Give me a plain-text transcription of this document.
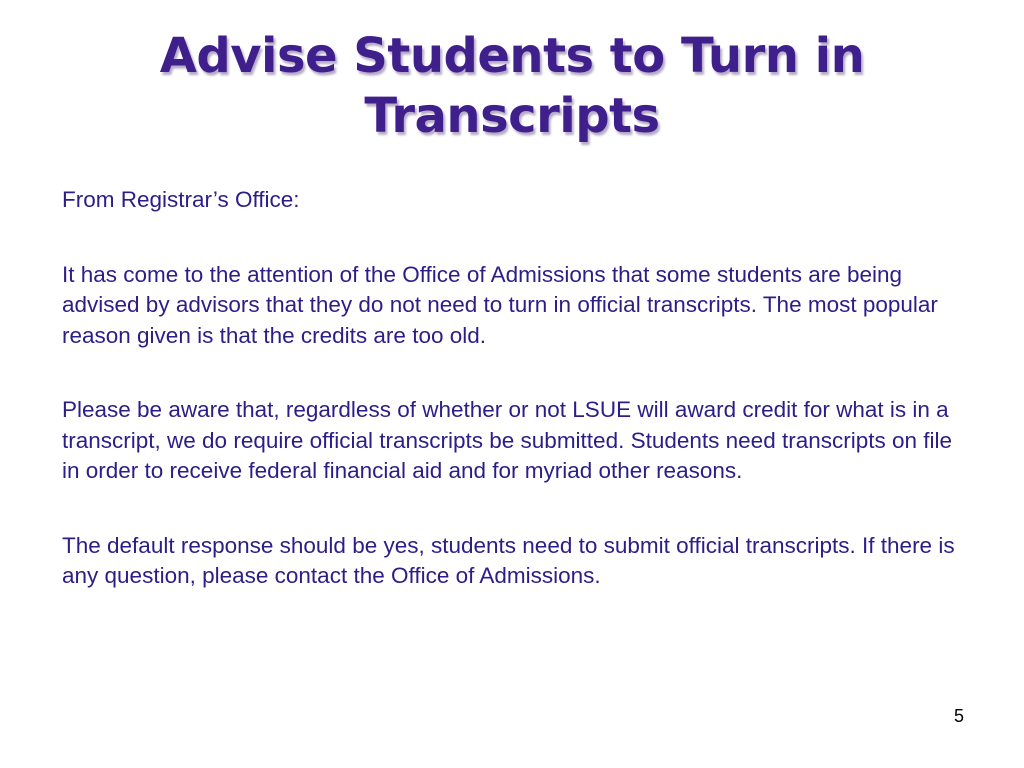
Advise Students to Turn in Transcripts

From Registrar’s Office:

It has come to the attention of the Office of Admissions that some students are being advised by advisors that they do not need to turn in official transcripts. The most popular reason given is that the credits are too old.

Please be aware that, regardless of whether or not LSUE will award credit for what is in a transcript, we do require official transcripts be submitted. Students need transcripts on file in order to receive federal financial aid and for myriad other reasons.

The default response should be yes, students need to submit official transcripts. If there is any question, please contact the Office of Admissions.

5
